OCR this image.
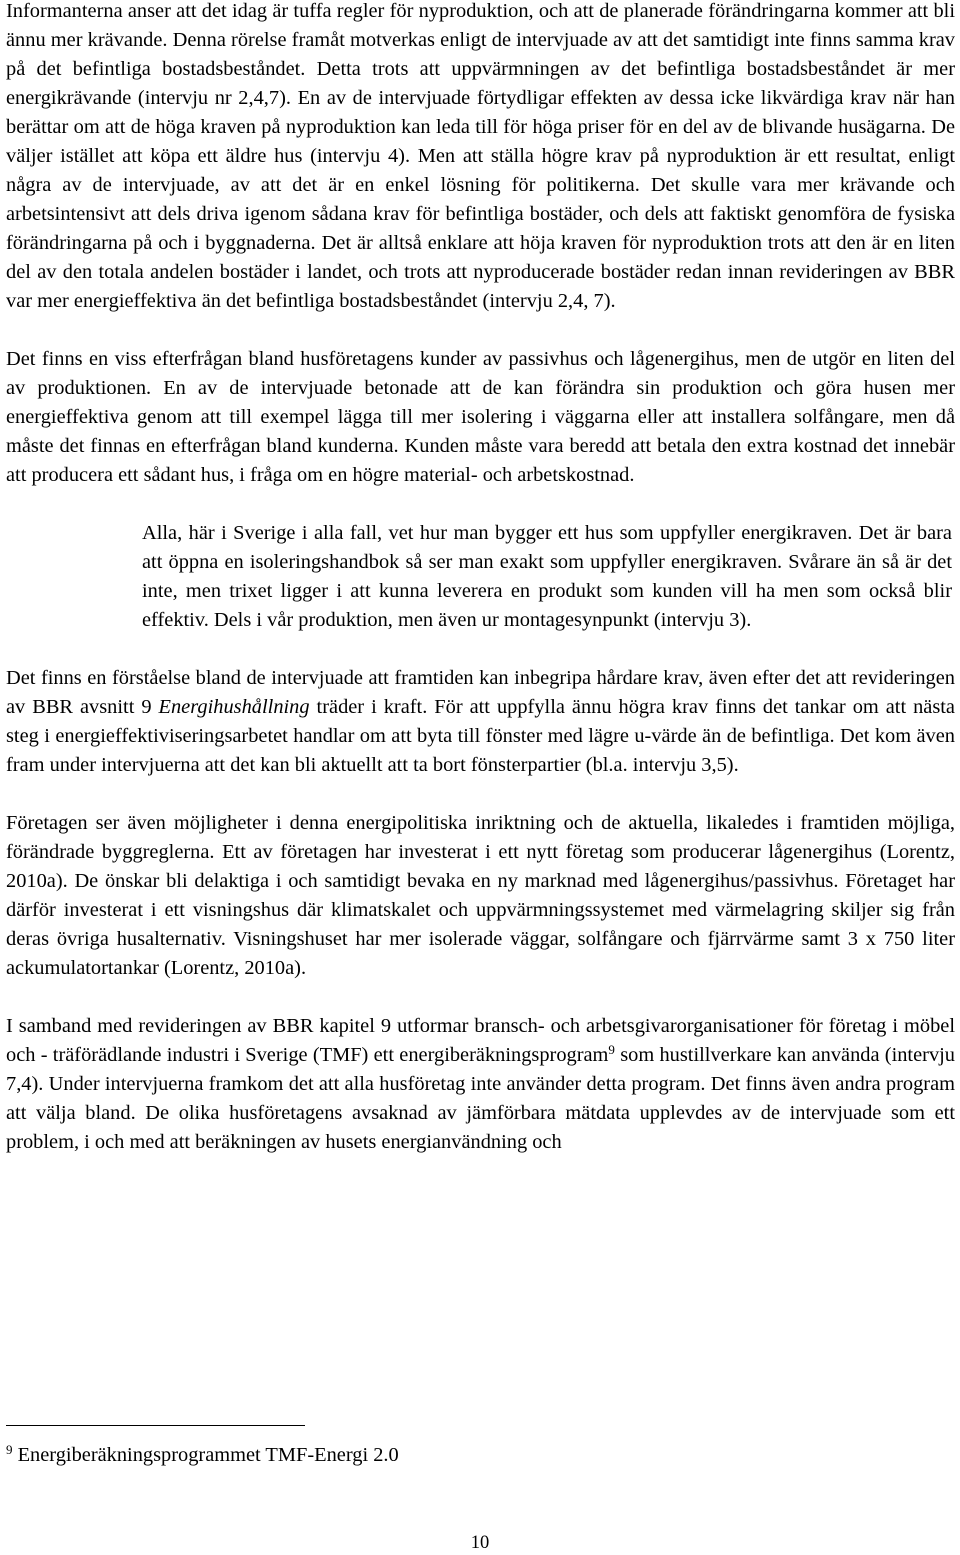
Informanterna anser att det idag är tuffa regler för nyproduktion, och att de planerade förändringarna kommer att bli ännu mer krävande. Denna rörelse framåt motverkas enligt de intervjuade av att det samtidigt inte finns samma krav på det befintliga bostadsbeståndet. Detta trots att uppvärmningen av det befintliga bostadsbeståndet är mer energikrävande (intervju nr 2,4,7). En av de intervjuade förtydligar effekten av dessa icke likvärdiga krav när han berättar om att de höga kraven på nyproduktion kan leda till för höga priser för en del av de blivande husägarna. De väljer istället att köpa ett äldre hus (intervju 4). Men att ställa högre krav på nyproduktion är ett resultat, enligt några av de intervjuade, av att det är en enkel lösning för politikerna. Det skulle vara mer krävande och arbetsintensivt att dels driva igenom sådana krav för befintliga bostäder, och dels att faktiskt genomföra de fysiska förändringarna på och i byggnaderna. Det är alltså enklare att höja kraven för nyproduktion trots att den är en liten del av den totala andelen bostäder i landet, och trots att nyproducerade bostäder redan innan revideringen av BBR var mer energieffektiva än det befintliga bostadsbeståndet (intervju 2,4, 7).

Det finns en viss efterfrågan bland husföretagens kunder av passivhus och lågenergihus, men de utgör en liten del av produktionen. En av de intervjuade betonade att de kan förändra sin produktion och göra husen mer energieffektiva genom att till exempel lägga till mer isolering i väggarna eller att installera solfångare, men då måste det finnas en efterfrågan bland kunderna. Kunden måste vara beredd att betala den extra kostnad det innebär att producera ett sådant hus, i fråga om en högre material- och arbetskostnad.

Alla, här i Sverige i alla fall, vet hur man bygger ett hus som uppfyller energikraven. Det är bara att öppna en isoleringshandbok så ser man exakt som uppfyller energikraven. Svårare än så är det inte, men trixet ligger i att kunna leverera en produkt som kunden vill ha men som också blir effektiv. Dels i vår produktion, men även ur montagesynpunkt (intervju 3).

Det finns en förståelse bland de intervjuade att framtiden kan inbegripa hårdare krav, även efter det att revideringen av BBR avsnitt 9 Energihushållning träder i kraft. För att uppfylla ännu högra krav finns det tankar om att nästa steg i energieffektiviseringsarbetet handlar om att byta till fönster med lägre u-värde än de befintliga. Det kom även fram under intervjuerna att det kan bli aktuellt att ta bort fönsterpartier (bl.a. intervju 3,5).

Företagen ser även möjligheter i denna energipolitiska inriktning och de aktuella, likaledes i framtiden möjliga, förändrade byggreglerna. Ett av företagen har investerat i ett nytt företag som producerar lågenergihus (Lorentz, 2010a). De önskar bli delaktiga i och samtidigt bevaka en ny marknad med lågenergihus/passivhus. Företaget har därför investerat i ett visningshus där klimatskalet och uppvärmningssystemet med värmelagring skiljer sig från deras övriga husalternativ. Visningshuset har mer isolerade väggar, solfångare och fjärrvärme samt 3 x 750 liter ackumulatortankar (Lorentz, 2010a).

I samband med revideringen av BBR kapitel 9 utformar bransch- och arbetsgivarorganisationer för företag i möbel och - träförädlande industri i Sverige (TMF) ett energiberäkningsprogram$^9$ som hustillverkare kan använda (intervju 7,4). Under intervjuerna framkom det att alla husföretag inte använder detta program. Det finns även andra program att välja bland. De olika husföretagens avsaknad av jämförbara mätdata upplevdes av de intervjuade som ett problem, i och med att beräkningen av husets energianvändning och

$^9$ Energiberäkningsprogrammet TMF-Energi 2.0
10
